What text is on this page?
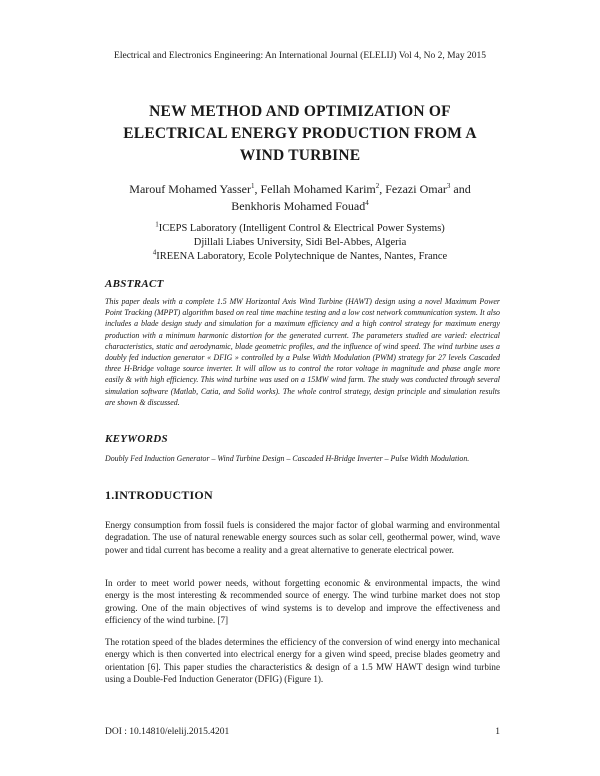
Electrical and Electronics Engineering: An International Journal (ELELIJ) Vol 4, No 2, May 2015
NEW METHOD AND OPTIMIZATION OF
ELECTRICAL ENERGY PRODUCTION FROM A
WIND TURBINE
Marouf Mohamed Yasser$^1$, Fellah Mohamed Karim$^2$, Fezazi Omar$^3$ and
Benkhoris Mohamed Fouad$^4$
$^1$ICEPS Laboratory (Intelligent Control & Electrical Power Systems)
Djillali Liabes University, Sidi Bel-Abbes, Algeria
$^4$IREENA Laboratory, Ecole Polytechnique de Nantes, Nantes, France
ABSTRACT
This paper deals with a complete 1.5 MW Horizontal Axis Wind Turbine (HAWT) design using a novel Maximum Power Point Tracking (MPPT) algorithm based on real time machine testing and a low cost network communication system. It also includes a blade design study and simulation for a maximum efficiency and a high control strategy for maximum energy production with a minimum harmonic distortion for the generated current. The parameters studied are varied: electrical characteristics, static and aerodynamic, blade geometric profiles, and the influence of wind speed. The wind turbine uses a doubly fed induction generator « DFIG » controlled by a Pulse Width Modulation (PWM) strategy for 27 levels Cascaded three H-Bridge voltage source inverter. It will allow us to control the rotor voltage in magnitude and phase angle more easily & with high efficiency. This wind turbine was used on a 15MW wind farm. The study was conducted through several simulation software (Matlab, Catia, and Solid works). The whole control strategy, design principle and simulation results are shown & discussed.
KEYWORDS
Doubly Fed Induction Generator – Wind Turbine Design – Cascaded H-Bridge Inverter – Pulse Width Modulation.
1.INTRODUCTION
Energy consumption from fossil fuels is considered the major factor of global warming and environmental degradation. The use of natural renewable energy sources such as solar cell, geothermal power, wind, wave power and tidal current has become a reality and a great alternative to generate electrical power.
In order to meet world power needs, without forgetting economic & environmental impacts, the wind energy is the most interesting & recommended source of energy. The wind turbine market does not stop growing. One of the main objectives of wind systems is to develop and improve the effectiveness and efficiency of the wind turbine. [7]
The rotation speed of the blades determines the efficiency of the conversion of wind energy into mechanical energy which is then converted into electrical energy for a given wind speed, precise blades geometry and orientation [6]. This paper studies the characteristics & design of a 1.5 MW HAWT design wind turbine using a Double-Fed Induction Generator (DFIG) (Figure 1).
DOI : 10.14810/elelij.2015.4201	1
